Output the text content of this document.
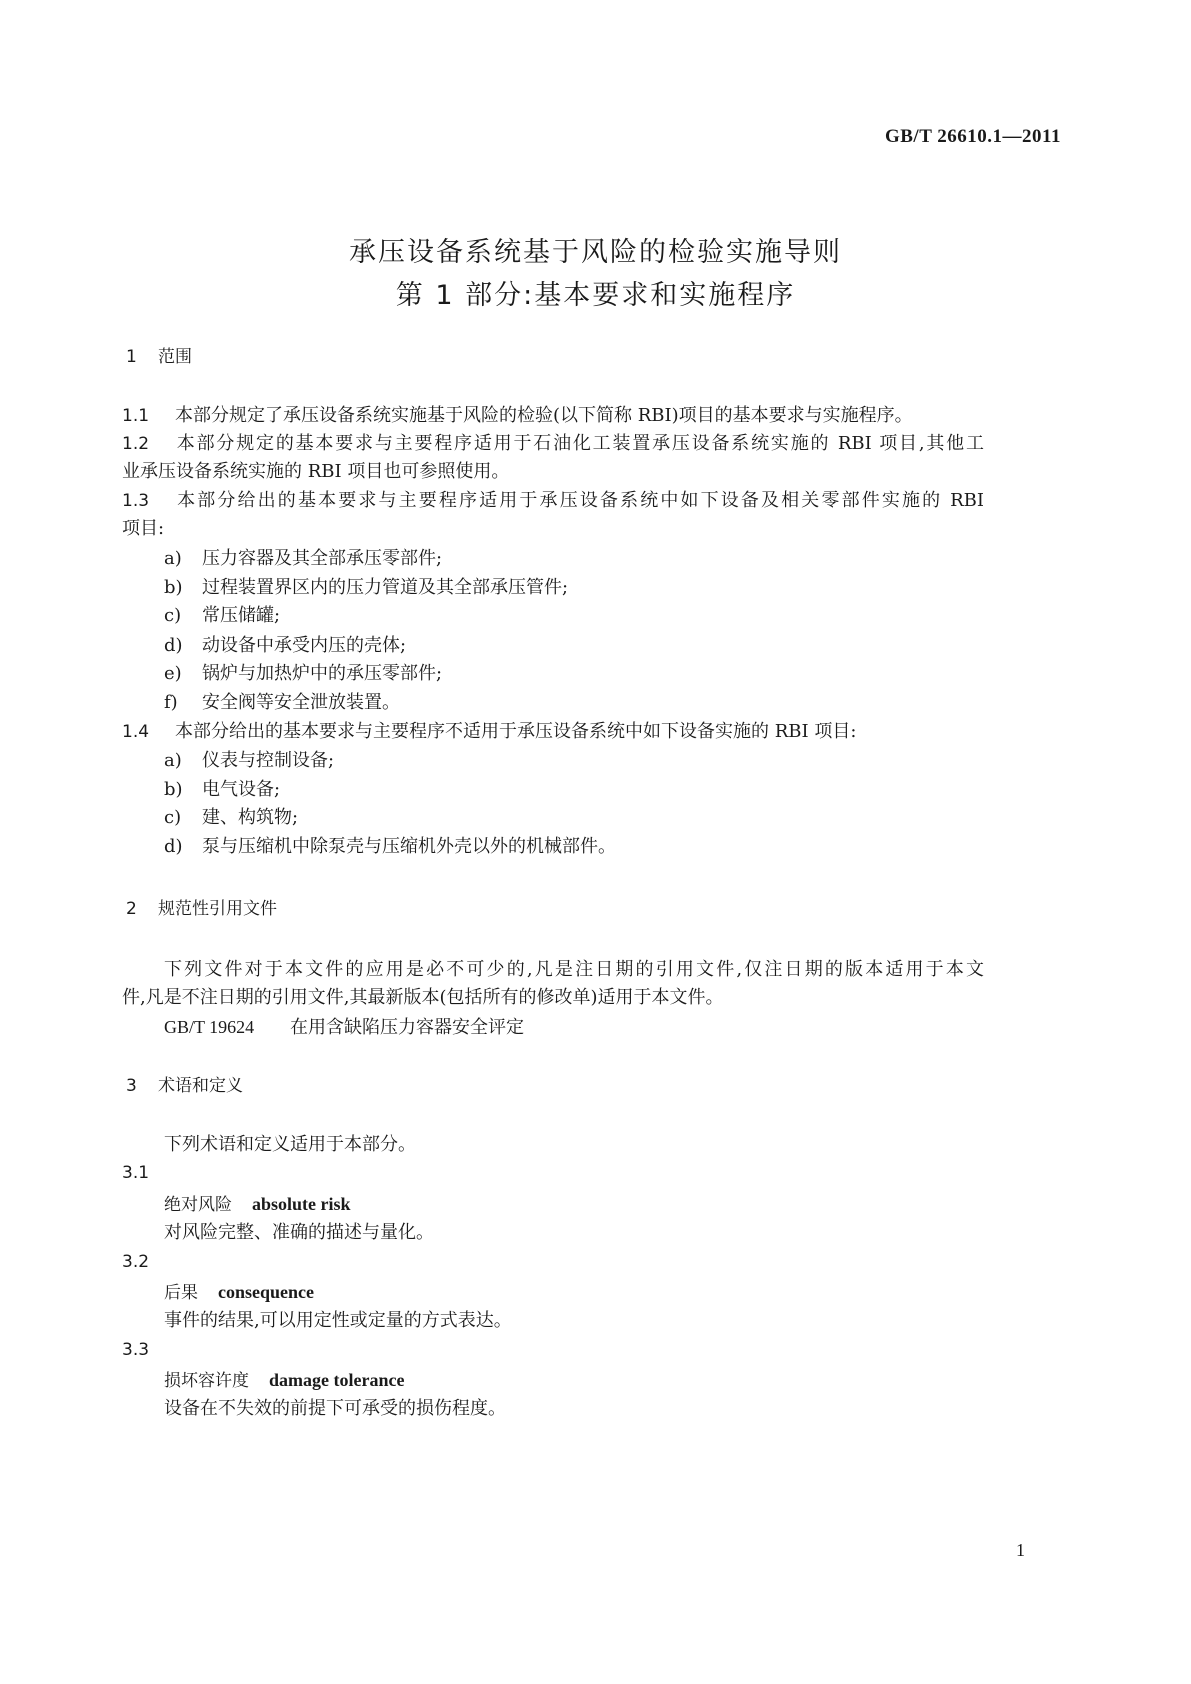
GB/T 26610.1—2011
承压设备系统基于风险的检验实施导则
第 1 部分:基本要求和实施程序
1 范围
1.1 本部分规定了承压设备系统实施基于风险的检验(以下简称 RBI)项目的基本要求与实施程序。
1.2 本部分规定的基本要求与主要程序适用于石油化工装置承压设备系统实施的 RBI 项目,其他工
业承压设备系统实施的 RBI 项目也可参照使用。
1.3 本部分给出的基本要求与主要程序适用于承压设备系统中如下设备及相关零部件实施的 RBI
项目:
a) 压力容器及其全部承压零部件;
b) 过程装置界区内的压力管道及其全部承压管件;
c) 常压储罐;
d) 动设备中承受内压的壳体;
e) 锅炉与加热炉中的承压零部件;
f) 安全阀等安全泄放装置。
1.4 本部分给出的基本要求与主要程序不适用于承压设备系统中如下设备实施的 RBI 项目:
a) 仪表与控制设备;
b) 电气设备;
c) 建、构筑物;
d) 泵与压缩机中除泵壳与压缩机外壳以外的机械部件。
2 规范性引用文件
下列文件对于本文件的应用是必不可少的,凡是注日期的引用文件,仅注日期的版本适用于本文
件,凡是不注日期的引用文件,其最新版本(包括所有的修改单)适用于本文件。
GB/T 19624 在用含缺陷压力容器安全评定
3 术语和定义
下列术语和定义适用于本部分。
3.1
绝对风险 absolute risk
对风险完整、准确的描述与量化。
3.2
后果 consequence
事件的结果,可以用定性或定量的方式表达。
3.3
损坏容许度 damage tolerance
设备在不失效的前提下可承受的损伤程度。
1
